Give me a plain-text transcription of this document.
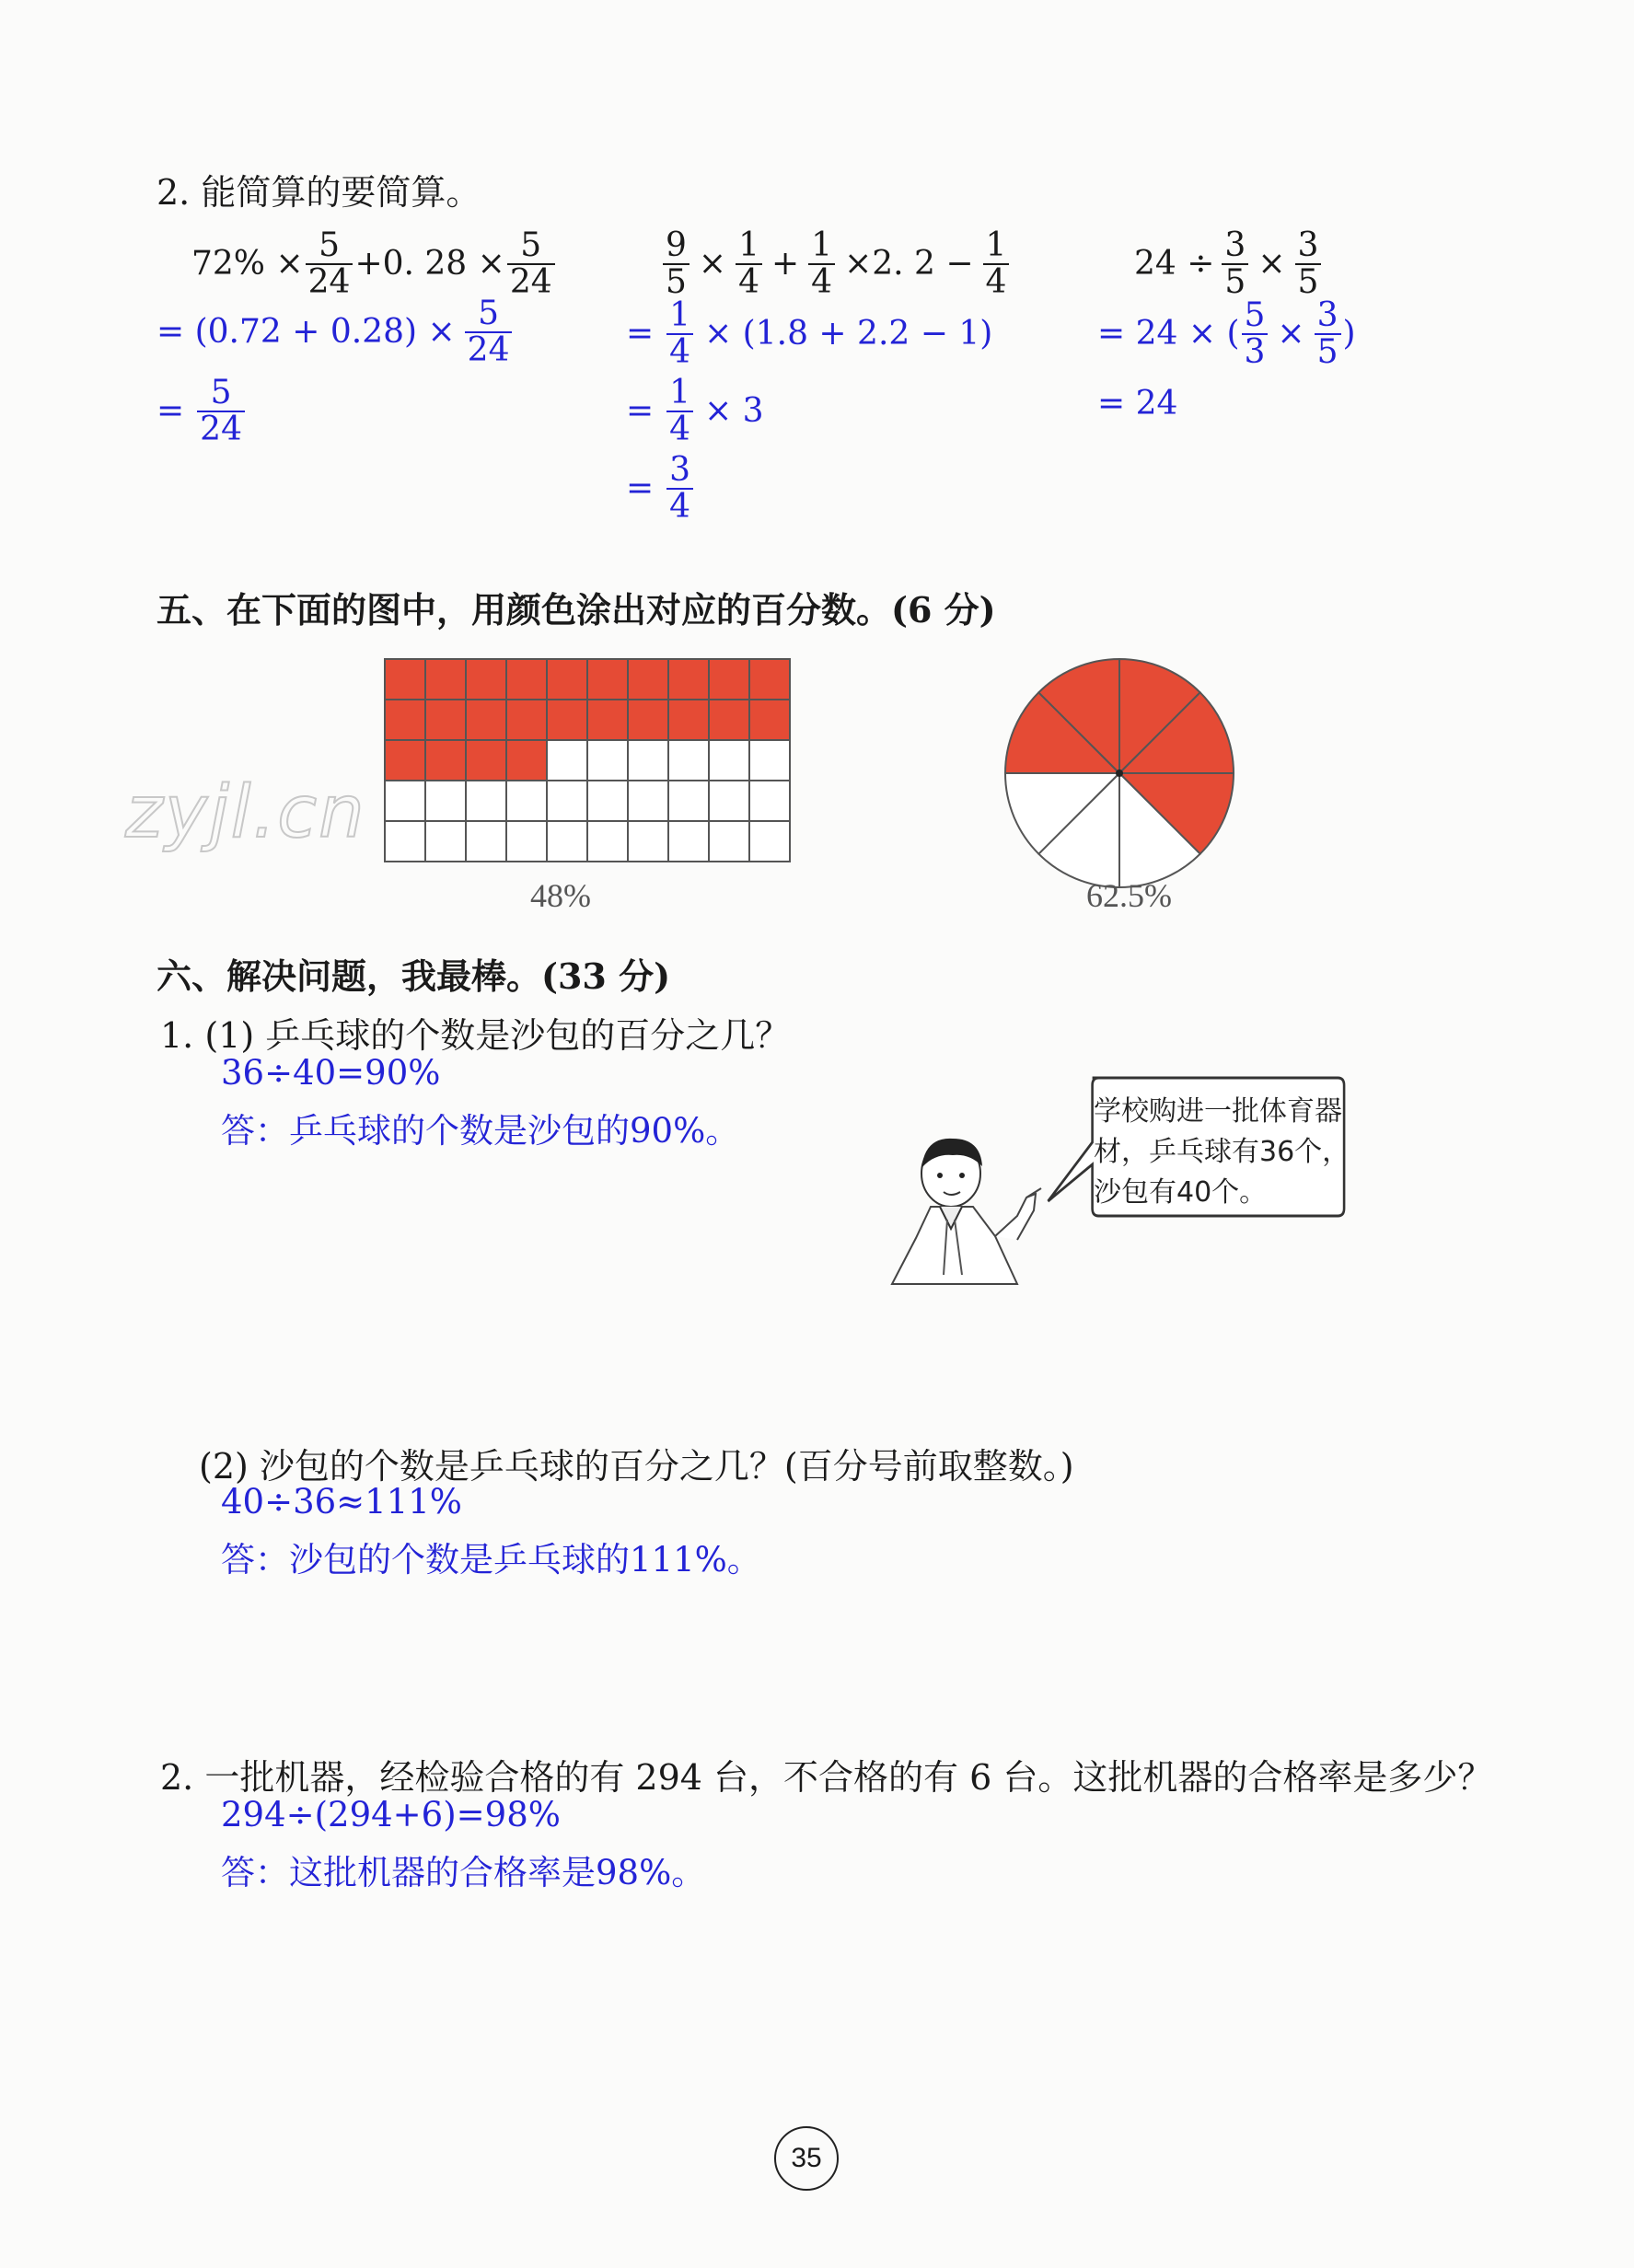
zyjl.cn
2. 能简算的要简算。
$72\% \times \frac{5}{24} +0$. $28 \times \frac{5}{24}$
= $(0.72 + 0.28) \times \frac{5}{24}$
= $\frac{5}{24}$
$\frac{9}{5} \times \frac{1}{4} + \frac{1}{4} \times 2$. $2 - \frac{1}{4}$
= $\frac{1}{4} \times (1.8 + 2.2 - 1)$
= $\frac{1}{4} \times 3$
= $\frac{3}{4}$
$24 \div \frac{3}{5} \times \frac{3}{5}$
= 24 × ( $\frac{5}{3} \times \frac{3}{5}$ )
= 24
五、在下面的图中，用颜色涂出对应的百分数。(6 分)
48%	62.5%
六、解决问题，我最棒。(33 分)
1. (1) 乒乓球的个数是沙包的百分之几？
36÷40=90%
答：乒乓球的个数是沙包的90%。	学校购进一批体育器材，乒乓球有36个，沙包有40个。
(2) 沙包的个数是乒乓球的百分之几？(百分号前取整数。)
40÷36≈111%
答：沙包的个数是乒乓球的111%。
2. 一批机器，经检验合格的有 294 台，不合格的有 6 台。这批机器的合格率是多少？
294÷(294+6)=98%
答：这批机器的合格率是98%。
35
